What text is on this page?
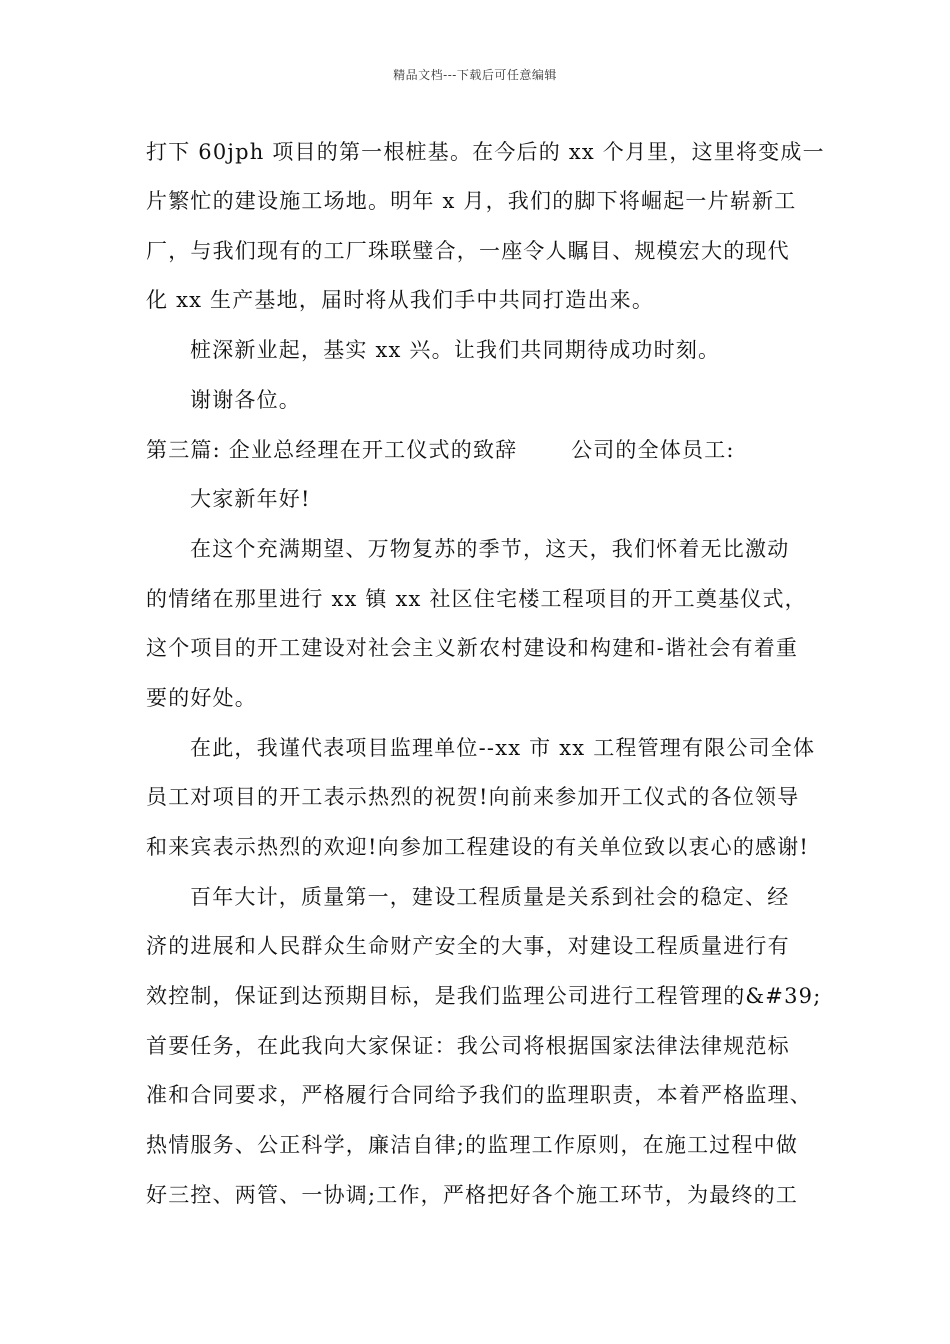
精品文档---下载后可任意编辑
打下 60jph 项目的第一根桩基。在今后的 xx 个月里，这里将变成一
片繁忙的建设施工场地。明年 x 月，我们的脚下将崛起一片崭新工
厂，与我们现有的工厂珠联璧合，一座令人瞩目、规模宏大的现代
化 xx 生产基地，届时将从我们手中共同打造出来。
桩深新业起，基实 xx 兴。让我们共同期待成功时刻。
谢谢各位。
第三篇: 企业总经理在开工仪式的致辞	公司的全体员工:
大家新年好!
在这个充满期望、万物复苏的季节，这天，我们怀着无比激动
的情绪在那里进行 xx 镇 xx 社区住宅楼工程项目的开工奠基仪式，
这个项目的开工建设对社会主义新农村建设和构建和-谐社会有着重
要的好处。
在此，我谨代表项目监理单位--xx 市 xx 工程管理有限公司全体
员工对项目的开工表示热烈的祝贺!向前来参加开工仪式的各位领导
和来宾表示热烈的欢迎!向参加工程建设的有关单位致以衷心的感谢!
百年大计，质量第一，建设工程质量是关系到社会的稳定、经
济的进展和人民群众生命财产安全的大事，对建设工程质量进行有
效控制，保证到达预期目标，是我们监理公司进行工程管理的&#39;
首要任务，在此我向大家保证：我公司将根据国家法律法律规范标
准和合同要求，严格履行合同给予我们的监理职责，本着严格监理、
热情服务、公正科学，廉洁自律;的监理工作原则，在施工过程中做
好三控、两管、一协调;工作，严格把好各个施工环节，为最终的工
